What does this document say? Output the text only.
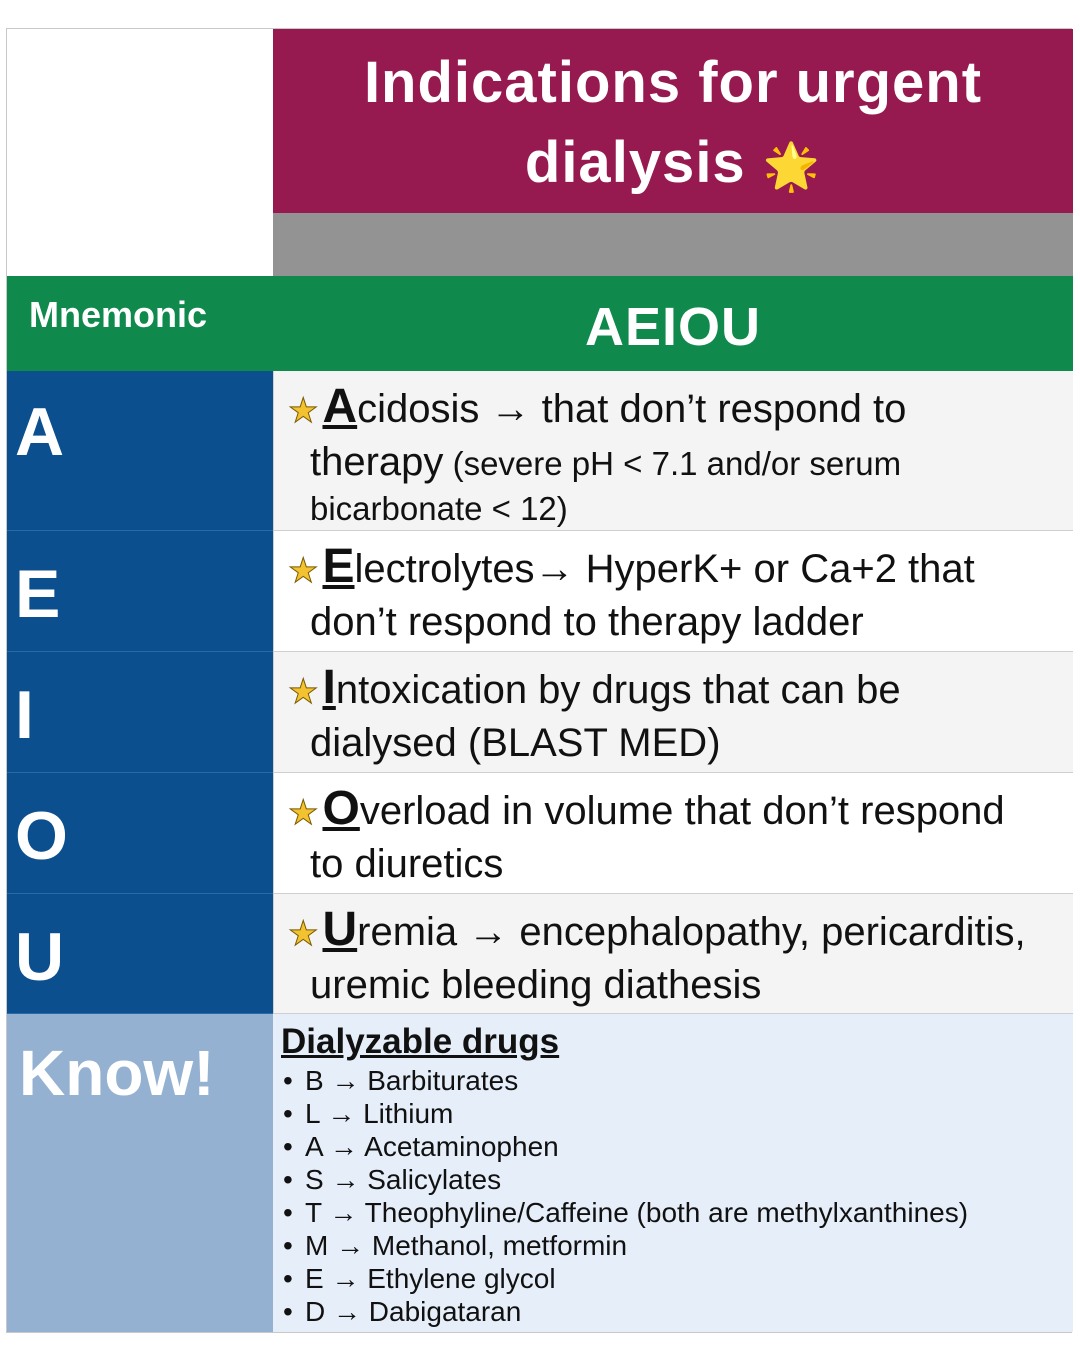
Indications for urgent
dialysis 🌟
Mnemonic	AEIOU
A	★ A cidosis → that don’t respond to
therapy (severe pH < 7.1 and/or serum
bicarbonate < 12)
E	★ E lectrolytes→ HyperK+ or Ca+2 that
don’t respond to therapy ladder
I	★ I ntoxication by drugs that can be
dialysed (BLAST MED)
O	★ O verload in volume that don’t respond
to diuretics
U	★ U remia → encephalopathy, pericarditis,
uremic bleeding diathesis
Know!	Dialyzable drugs
• B → Barbiturates
• L → Lithium
• A → Acetaminophen
• S → Salicylates
• T → Theophyline/Caffeine (both are methylxanthines)
• M → Methanol, metformin
• E → Ethylene glycol
• D → Dabigataran
